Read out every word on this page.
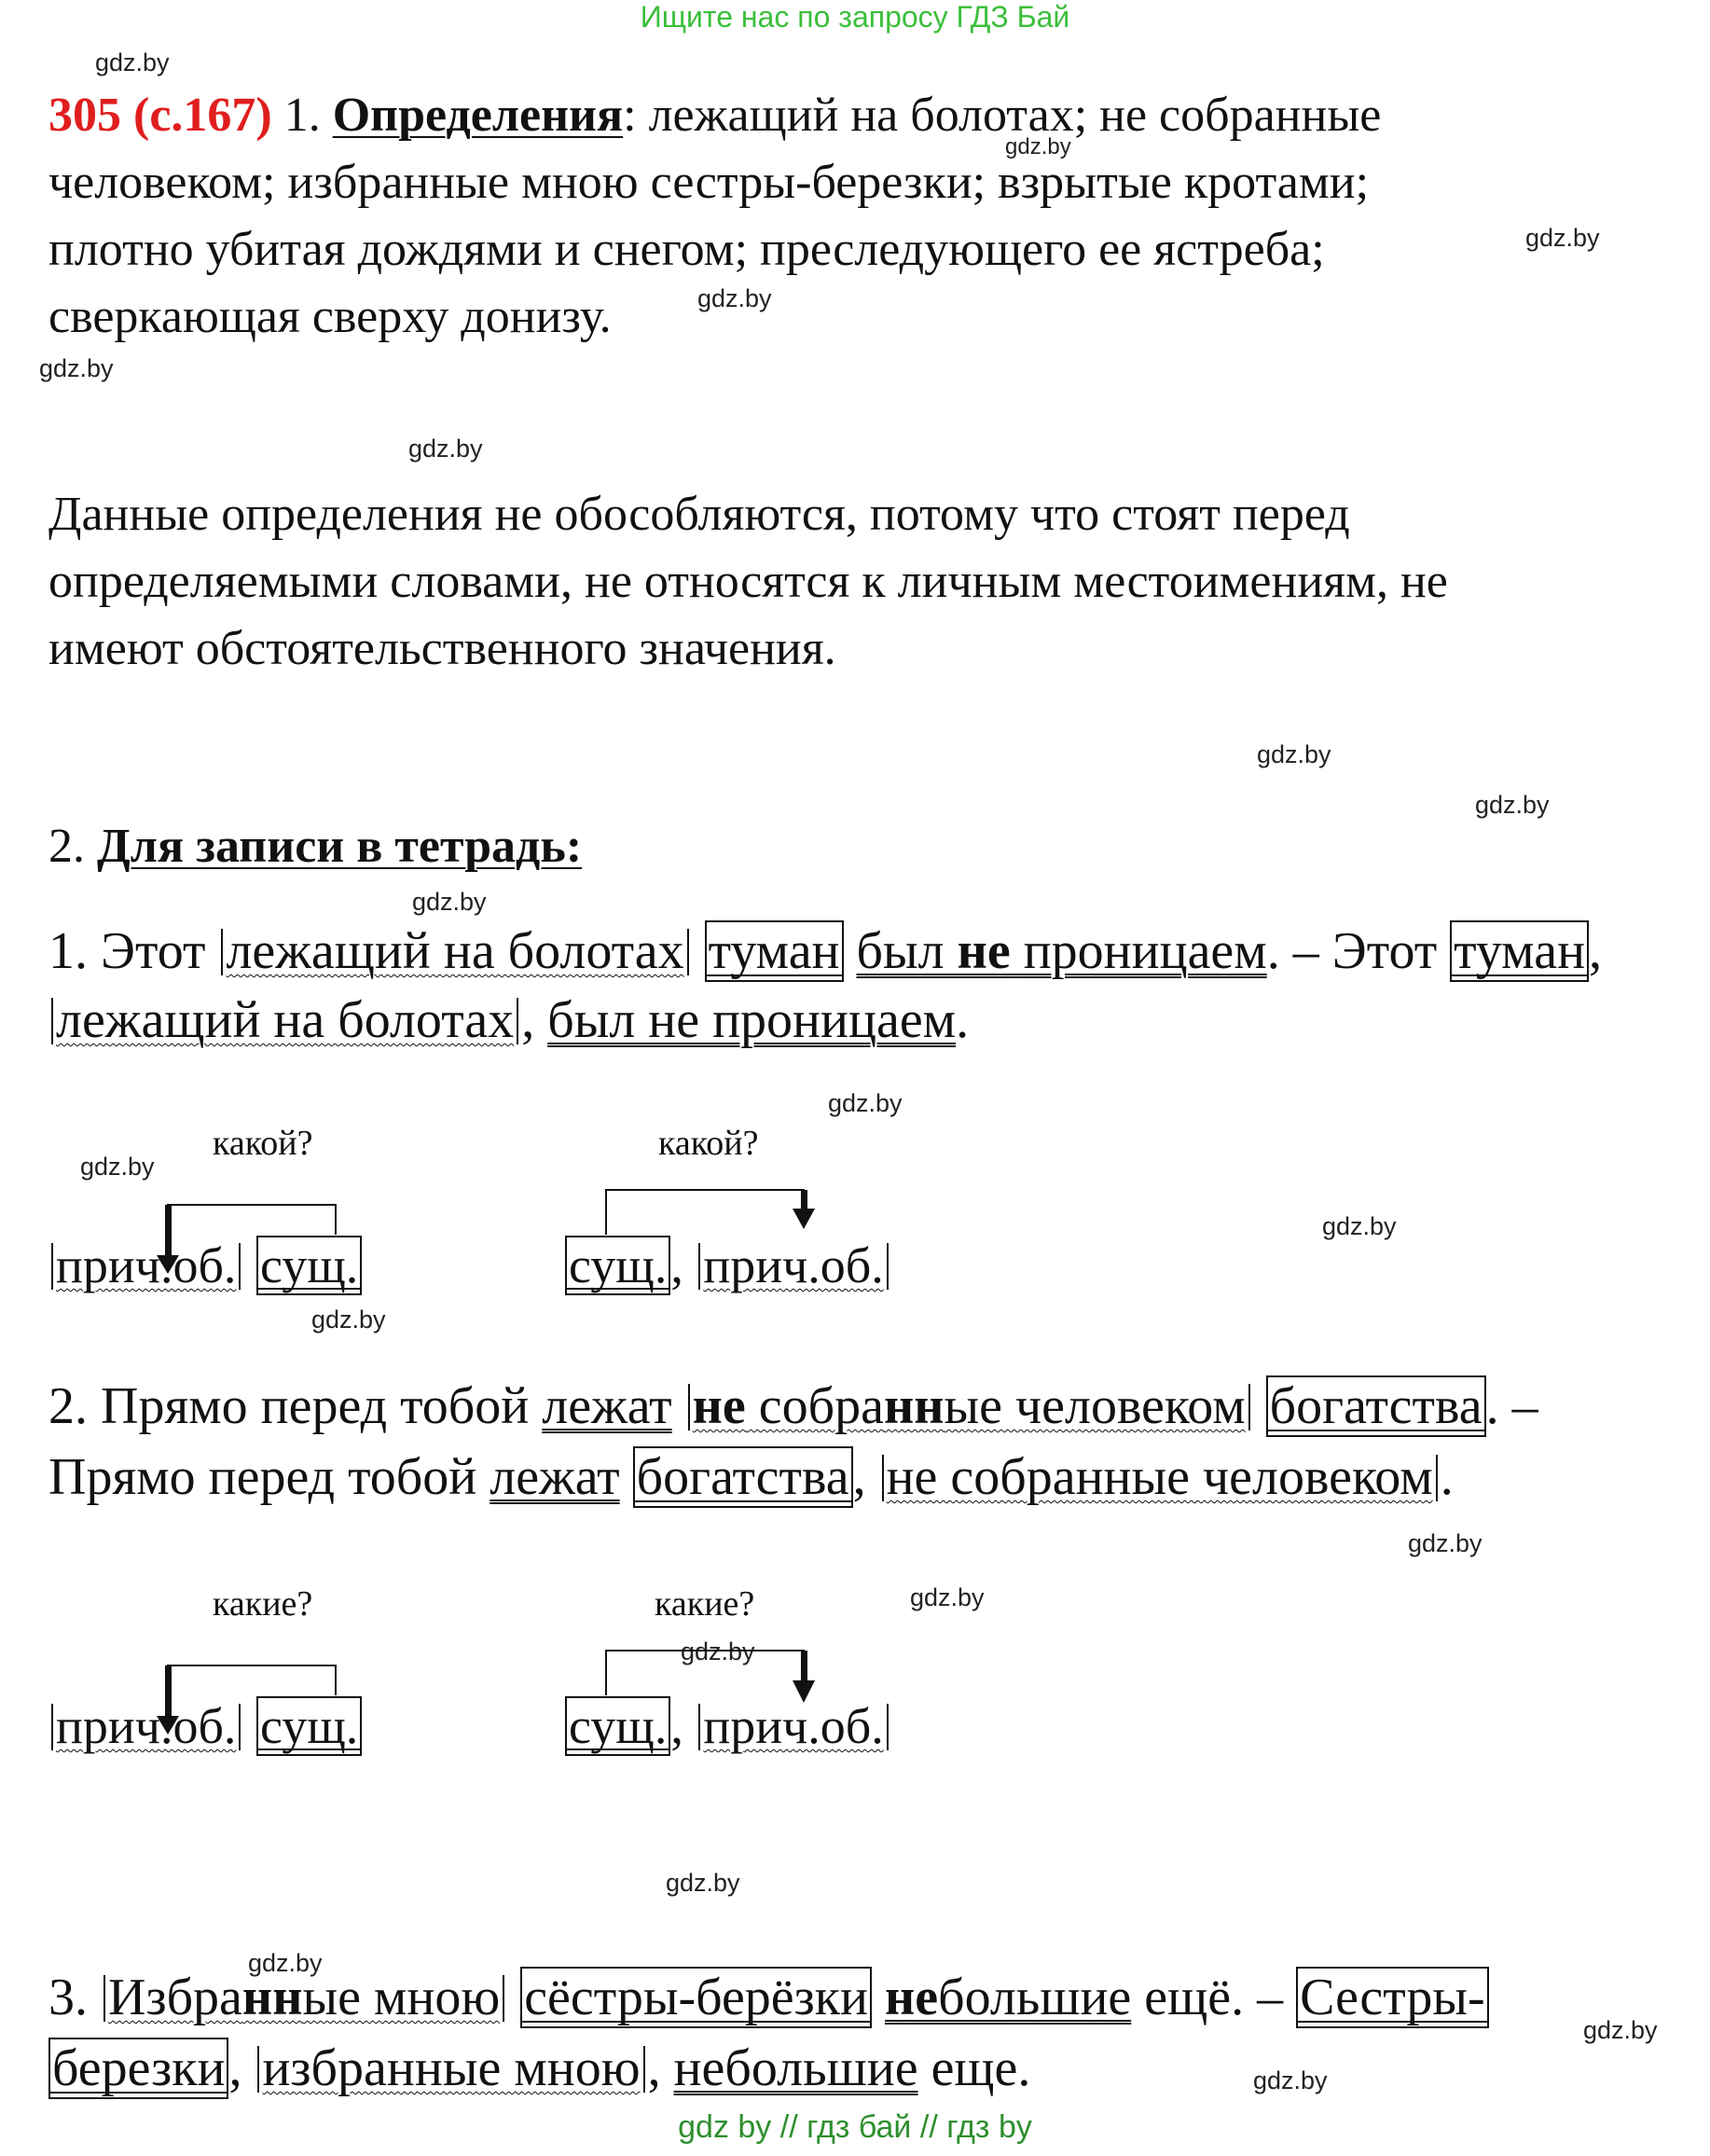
Ищите нас по запросу ГДЗ Бай
gdz by // гдз бай // гдз by
gdz.by
gdz.by
gdz.by
gdz.by
gdz.by
gdz.by
gdz.by
gdz.by
gdz.by
gdz.by
gdz.by
gdz.by
gdz.by
gdz.by
gdz.by
gdz.by
gdz.by
gdz.by
gdz.by
gdz.by
305 (с.167) 1. Определения: лежащий на болотах; не собранные
человеком; избранные мною сестры-березки; взрытые кротами;
плотно убитая дождями и снегом; преследующего ее ястреба;
сверкающая сверху донизу.
Данные определения не обособляются, потому что стоят перед
определяемыми словами, не относятся к личным местоимениям, не
имеют обстоятельственного значения.
2. Для записи в тетрадь:
1. Этот лежащий на болотах туман был не проницаем. – Этот туман,
лежащий на болотах , был не проницаем.
какой?	какой?
прич.об. сущ.	сущ., прич.об.
2. Прямо перед тобой лежат не собранные человеком богатства. –
Прямо перед тобой лежат богатства, не собранные человеком .
какие?	какие?
прич.об. сущ.	сущ., прич.об.
3. Избранные мною сёстры-берёзки небольшие ещё. – Сестры-
березки, избранные мною , небольшие еще.
